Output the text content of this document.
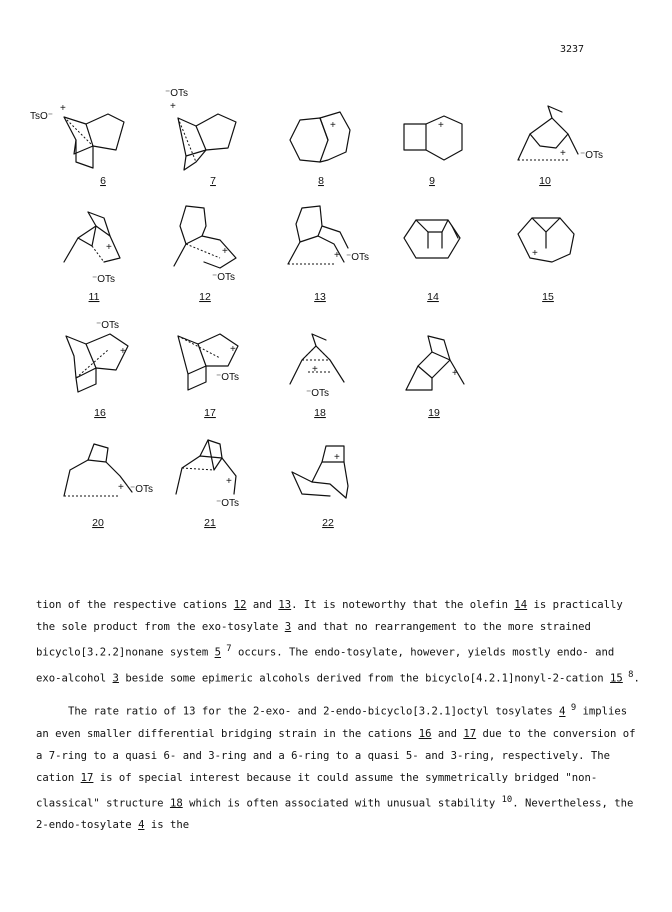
3237
TsO⁻
+
6
⁻OTs
+
7
+
8
+
9
+ ⁻OTs
10
+
⁻OTs
11
+
⁻OTs
12
+ ⁻OTs
13	14
+
15
⁻OTs
+
16
+
⁻OTs
17
+
⁻OTs
18
+
19
+ ⁻OTs
20
+
⁻OTs
21
+
22

tion of the respective cations 12 and 13. It is noteworthy that the olefin 14 is practically the sole product from the exo-tosylate 3 and that no rearrangement to the more strained bicyclo[3.2.2]nonane system 5 $^7$ occurs. The endo-tosylate, however, yields mostly endo- and exo-alcohol 3 beside some epimeric alcohols derived from the bicyclo[4.2.1]nonyl-2-cation 15 $^8$.

The rate ratio of 13 for the 2-exo- and 2-endo-bicyclo[3.2.1]octyl tosylates 4 $^9$ implies an even smaller differential bridging strain in the cations 16 and 17 due to the conversion of a 7-ring to a quasi 6- and 3-ring and a 6-ring to a quasi 5- and 3-ring, respectively. The cation 17 is of special interest because it could assume the symmetrically bridged "non-classical" structure 18 which is often associated with unusual stability $^{10}$. Nevertheless, the 2-endo-tosylate 4 is the
